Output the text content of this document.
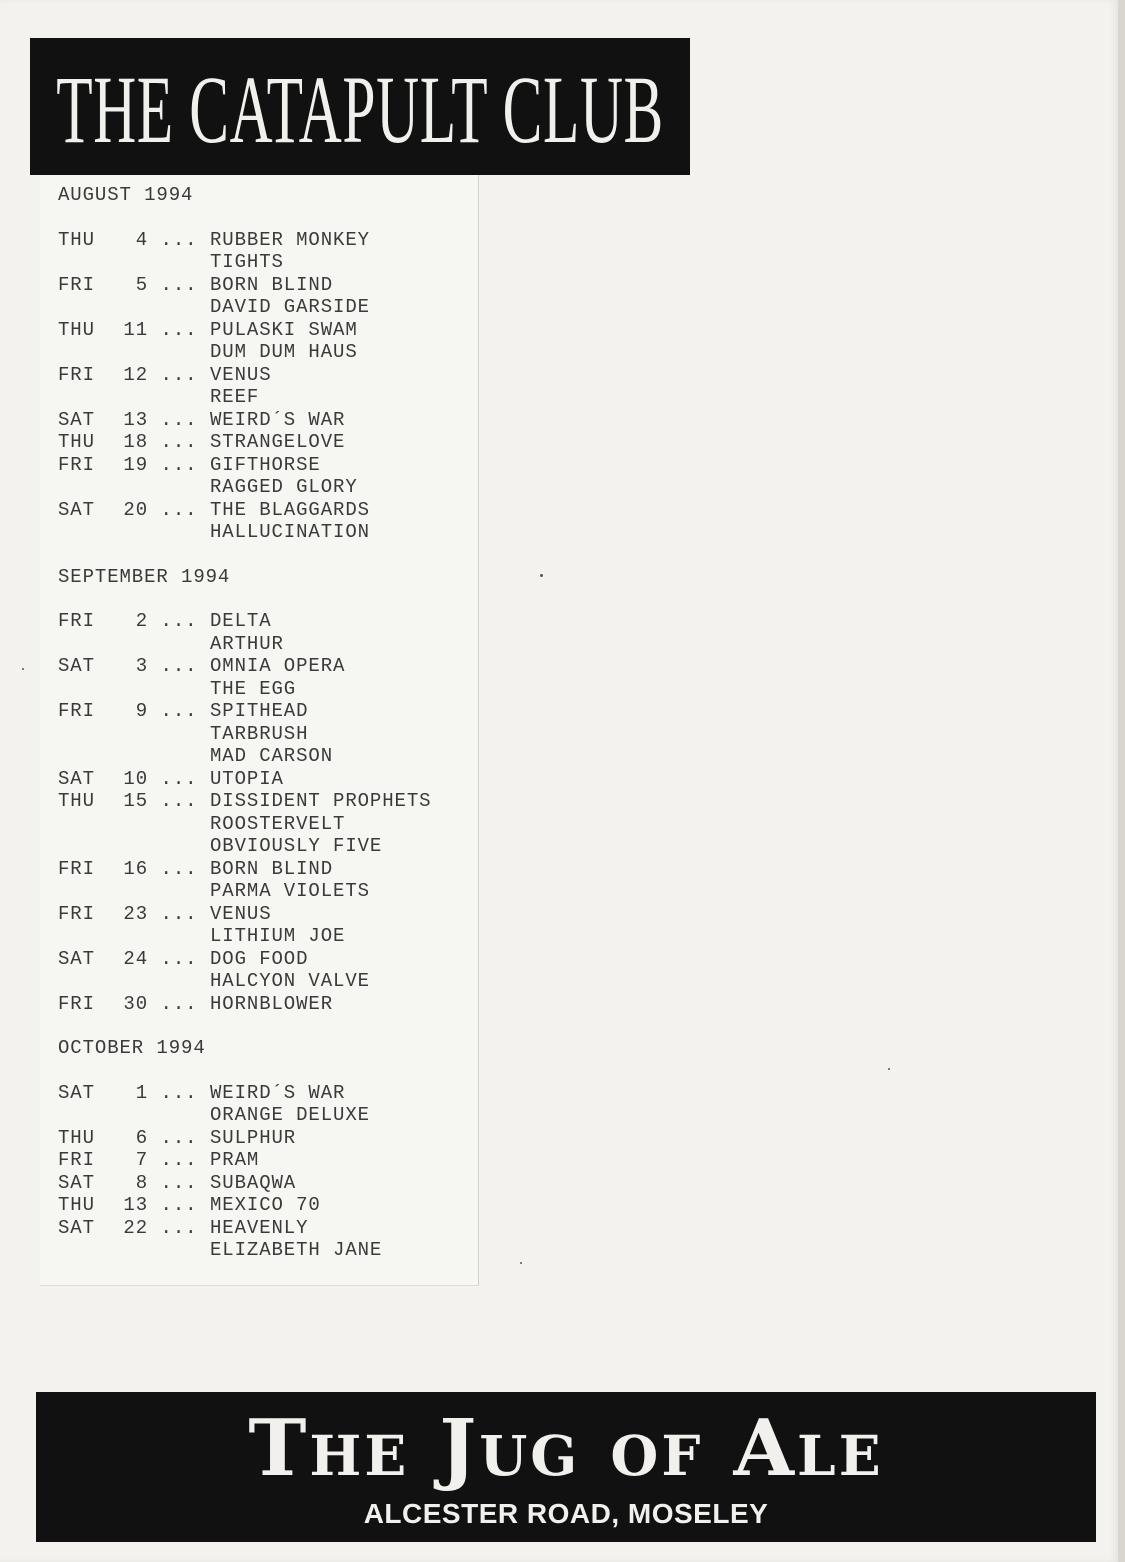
THE CATAPULT CLUB
AUGUST 1994
THU	4 ... RUBBER MONKEY
TIGHTS
FRI	5 ... BORN BLIND
DAVID GARSIDE
THU	11 ... PULASKI SWAM
DUM DUM HAUS
FRI	12 ... VENUS
REEF
SAT	13 ... WEIRD´S WAR
THU	18 ... STRANGELOVE
FRI	19 ... GIFTHORSE
RAGGED GLORY
SAT	20 ... THE BLAGGARDS
HALLUCINATION
SEPTEMBER 1994
FRI	2 ... DELTA
ARTHUR
SAT	3 ... OMNIA OPERA
THE EGG
FRI	9 ... SPITHEAD
TARBRUSH
MAD CARSON
SAT	10 ... UTOPIA
THU	15 ... DISSIDENT PROPHETS
ROOSTERVELT
OBVIOUSLY FIVE
FRI	16 ... BORN BLIND
PARMA VIOLETS
FRI	23 ... VENUS
LITHIUM JOE
SAT	24 ... DOG FOOD
HALCYON VALVE
FRI	30 ... HORNBLOWER
OCTOBER 1994
SAT	1 ... WEIRD´S WAR
ORANGE DELUXE
THU	6 ... SULPHUR
FRI	7 ... PRAM
SAT	8 ... SUBAQWA
THU	13 ... MEXICO 70
SAT	22 ... HEAVENLY
ELIZABETH JANE
The Jug of Ale
ALCESTER ROAD, MOSELEY
